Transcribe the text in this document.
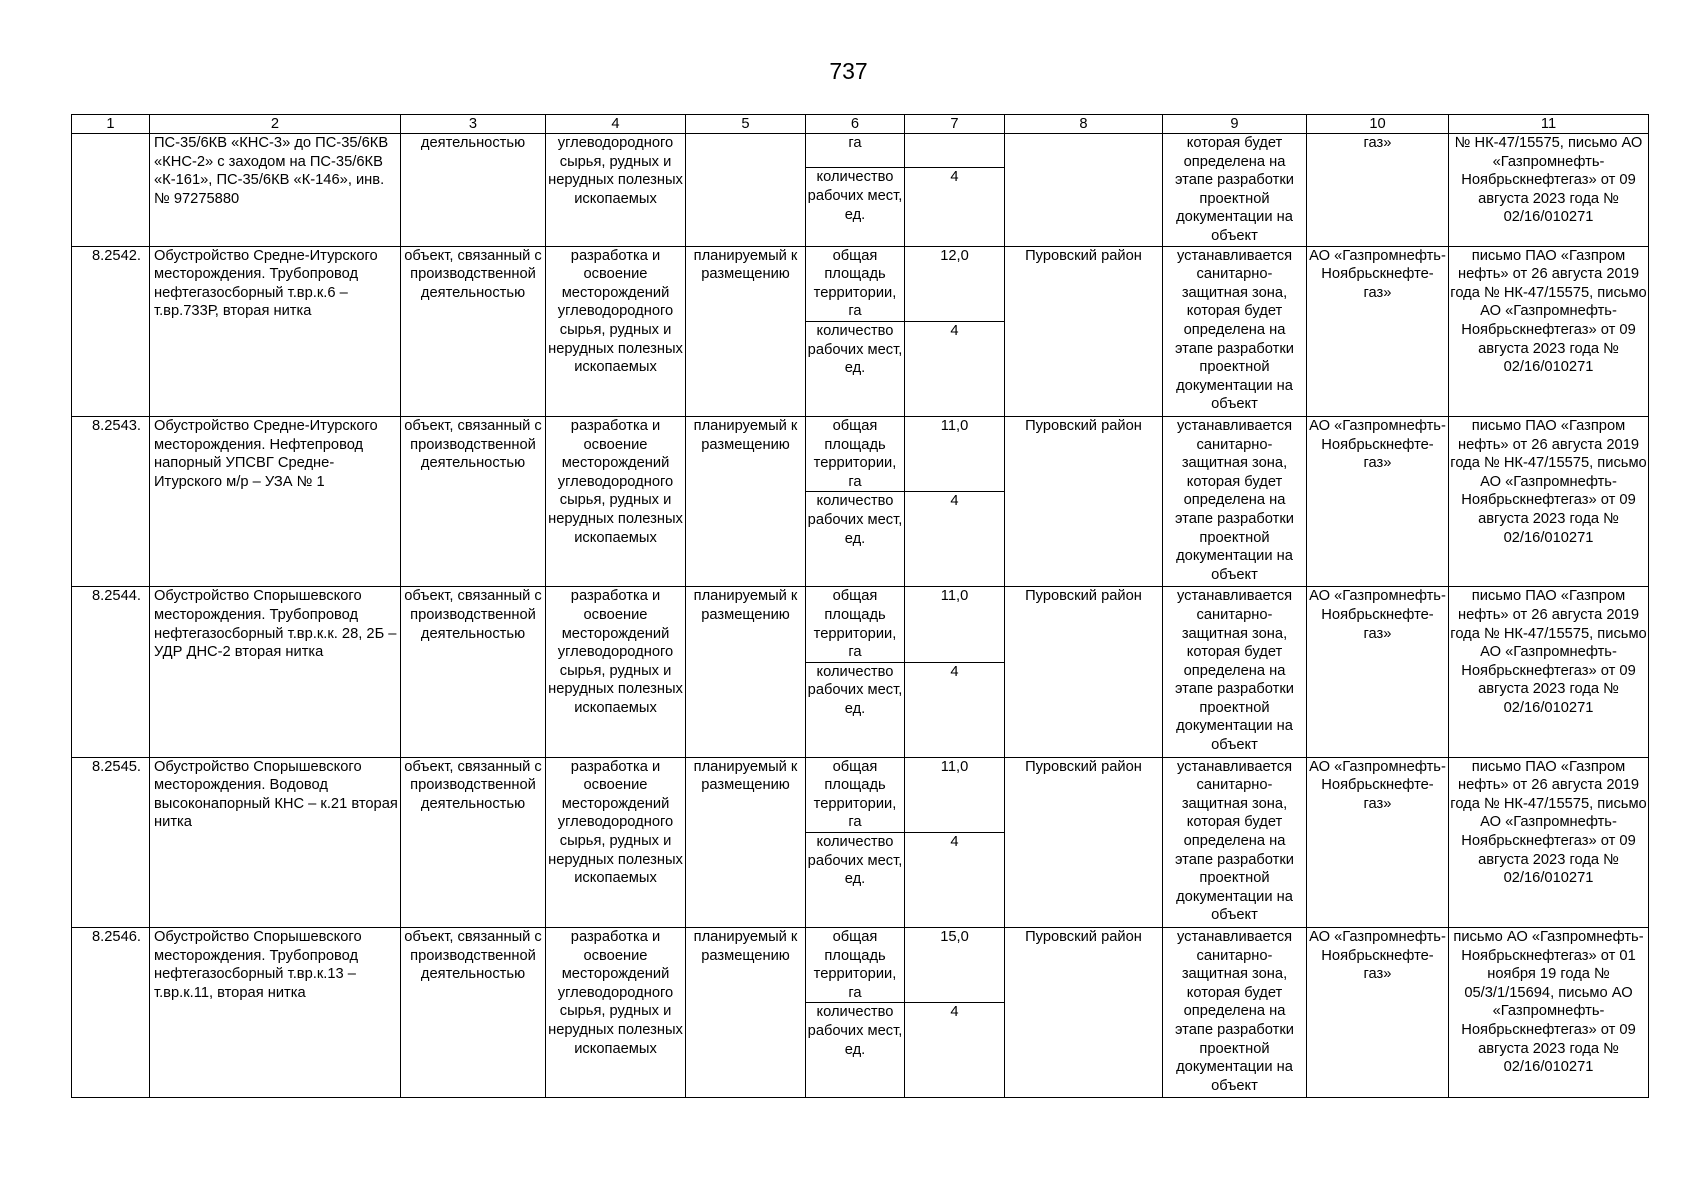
737
1	2	3	4	5	6	7	8	9	10	11
	ПС-35/6КВ «КНС-3» до ПС-35/6КВ «КНС-2» с заходом на ПС-35/6КВ «К-161», ПС-35/6КВ «К-146», инв. № 97275880	деятельностью	углеводородного сырья, рудных и нерудных полезных ископаемых		га			которая будет определена на этапе разработки проектной документации на объект	газ»	№ НК-47/15575, письмо АО «Газпромнефть-Ноябрьскнефтегаз» от 09 августа 2023 года № 02/16/010271
					количество рабочих мест, ед.	4				
8.2542.	Обустройство Средне-Итурского месторождения. Трубопровод нефтегазосборный т.вр.к.6 – т.вр.733Р, вторая нитка	объект, связанный с производственной деятельностью	разработка и освоение месторождений углеводородного сырья, рудных и нерудных полезных ископаемых	планируемый к размещению	общая площадь территории, га	12,0	Пуровский район	устанавливается санитарно-защитная зона, которая будет определена на этапе разработки проектной документации на объект	АО «Газпромнефть-Ноябрьскнефте-газ»	письмо ПАО «Газпром нефть» от 26 августа 2019 года № НК-47/15575, письмо АО «Газпромнефть-Ноябрьскнефтегаз» от 09 августа 2023 года № 02/16/010271
					количество рабочих мест, ед.	4				
8.2543.	Обустройство Средне-Итурского месторождения. Нефтепровод напорный УПСВГ Средне-Итурского м/р – УЗА № 1	объект, связанный с производственной деятельностью	разработка и освоение месторождений углеводородного сырья, рудных и нерудных полезных ископаемых	планируемый к размещению	общая площадь территории, га	11,0	Пуровский район	устанавливается санитарно-защитная зона, которая будет определена на этапе разработки проектной документации на объект	АО «Газпромнефть-Ноябрьскнефте-газ»	письмо ПАО «Газпром нефть» от 26 августа 2019 года № НК-47/15575, письмо АО «Газпромнефть-Ноябрьскнефтегаз» от 09 августа 2023 года № 02/16/010271
					количество рабочих мест, ед.	4				
8.2544.	Обустройство Спорышевского месторождения. Трубопровод нефтегазосборный т.вр.к.к. 28, 2Б – УДР ДНС-2 вторая нитка	объект, связанный с производственной деятельностью	разработка и освоение месторождений углеводородного сырья, рудных и нерудных полезных ископаемых	планируемый к размещению	общая площадь территории, га	11,0	Пуровский район	устанавливается санитарно-защитная зона, которая будет определена на этапе разработки проектной документации на объект	АО «Газпромнефть-Ноябрьскнефте-газ»	письмо ПАО «Газпром нефть» от 26 августа 2019 года № НК-47/15575, письмо АО «Газпромнефть-Ноябрьскнефтегаз» от 09 августа 2023 года № 02/16/010271
					количество рабочих мест, ед.	4				
8.2545.	Обустройство Спорышевского месторождения. Водовод высоконапорный КНС – к.21 вторая нитка	объект, связанный с производственной деятельностью	разработка и освоение месторождений углеводородного сырья, рудных и нерудных полезных ископаемых	планируемый к размещению	общая площадь территории, га	11,0	Пуровский район	устанавливается санитарно-защитная зона, которая будет определена на этапе разработки проектной документации на объект	АО «Газпромнефть-Ноябрьскнефте-газ»	письмо ПАО «Газпром нефть» от 26 августа 2019 года № НК-47/15575, письмо АО «Газпромнефть-Ноябрьскнефтегаз» от 09 августа 2023 года № 02/16/010271
					количество рабочих мест, ед.	4				
8.2546.	Обустройство Спорышевского месторождения. Трубопровод нефтегазосборный т.вр.к.13 – т.вр.к.11, вторая нитка	объект, связанный с производственной деятельностью	разработка и освоение месторождений углеводородного сырья, рудных и нерудных полезных ископаемых	планируемый к размещению	общая площадь территории, га	15,0	Пуровский район	устанавливается санитарно-защитная зона, которая будет определена на этапе разработки проектной документации на объект	АО «Газпромнефть-Ноябрьскнефте-газ»	письмо АО «Газпромнефть-Ноябрьскнефтегаз» от 01 ноября 19 года № 05/3/1/15694, письмо АО «Газпромнефть-Ноябрьскнефтегаз» от 09 августа 2023 года № 02/16/010271
					количество рабочих мест, ед.	4				
